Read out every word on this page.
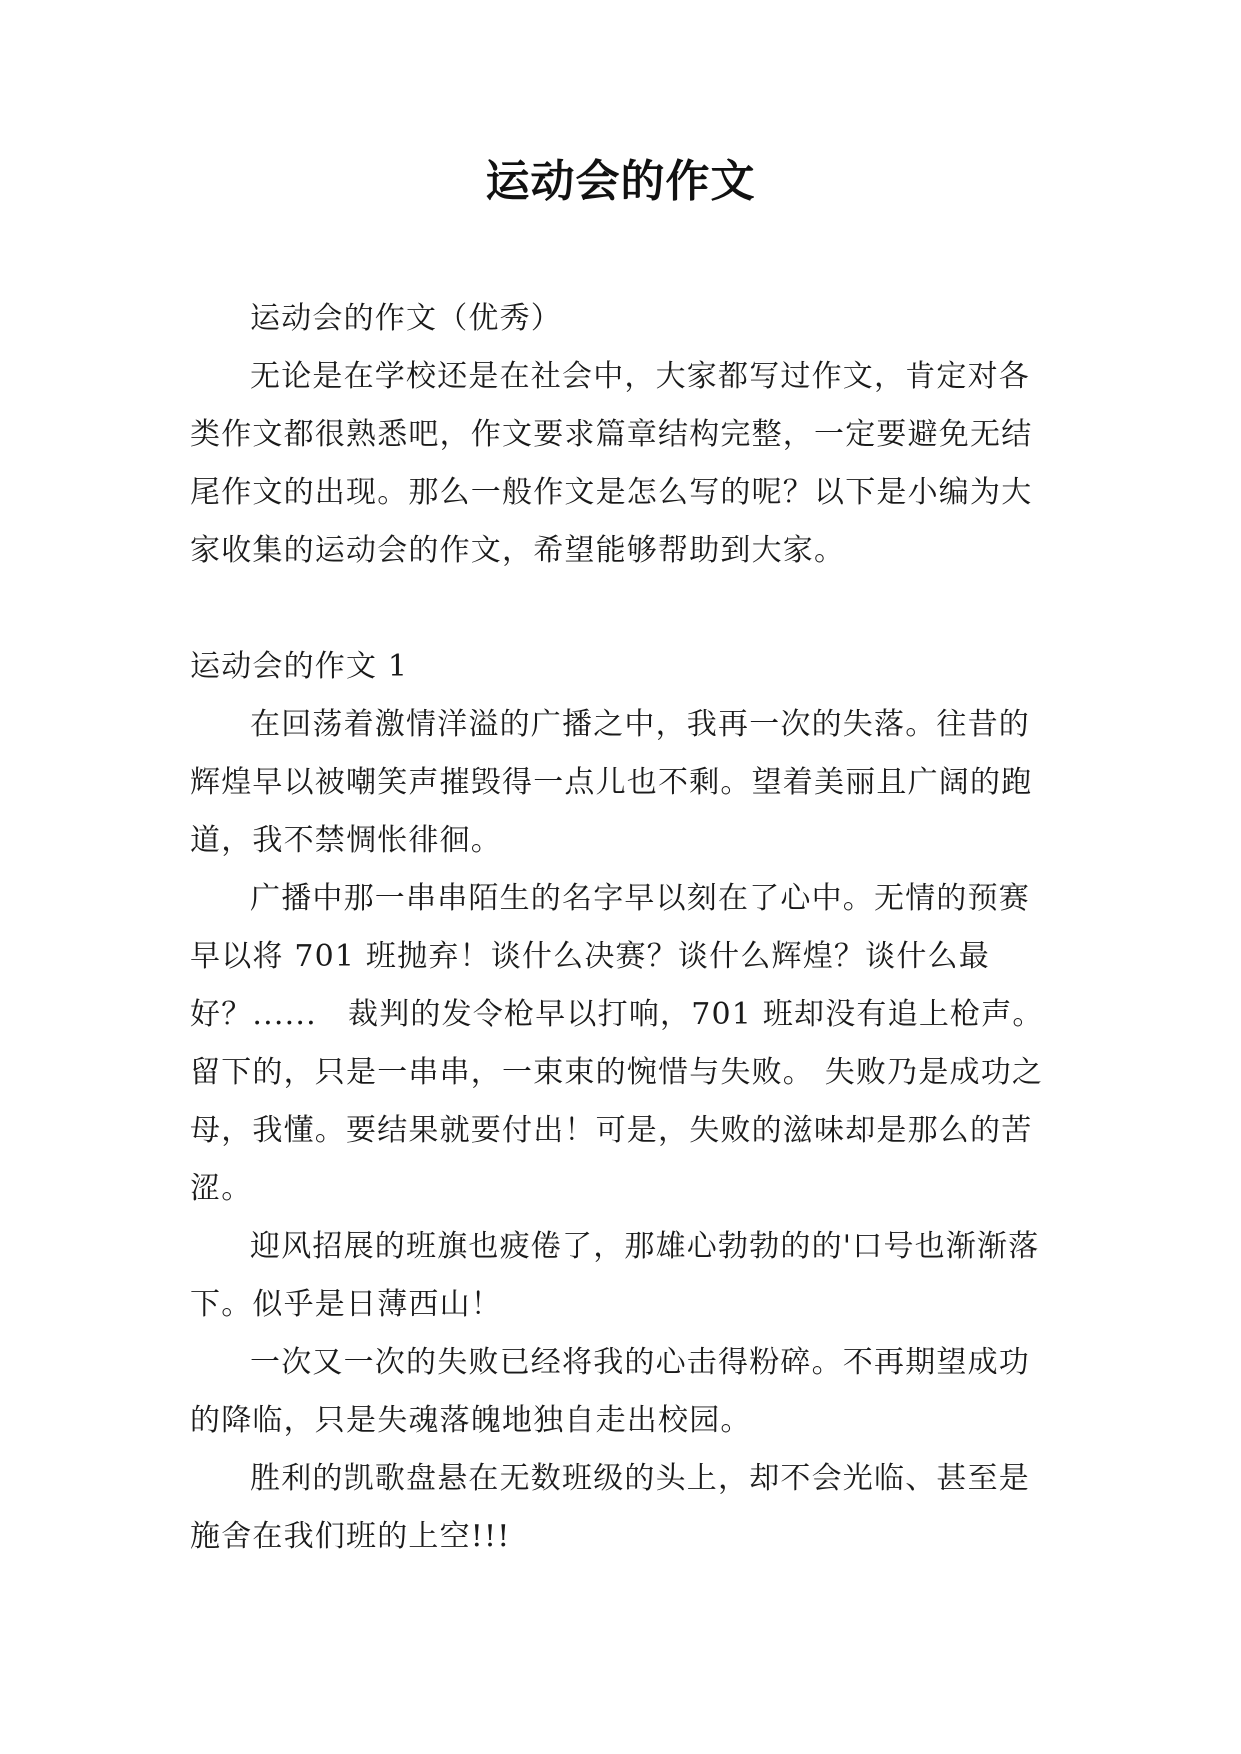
运动会的作文

运动会的作文（优秀）

无论是在学校还是在社会中，大家都写过作文，肯定对各类作文都很熟悉吧，作文要求篇章结构完整，一定要避免无结尾作文的出现。那么一般作文是怎么写的呢？以下是小编为大家收集的运动会的作文，希望能够帮助到大家。

运动会的作文 1

在回荡着激情洋溢的广播之中，我再一次的失落。往昔的辉煌早以被嘲笑声摧毁得一点儿也不剩。望着美丽且广阔的跑道，我不禁惆怅徘徊。

广播中那一串串陌生的名字早以刻在了心中。无情的预赛早以将 701 班抛弃！谈什么决赛？谈什么辉煌？谈什么最好？......　裁判的发令枪早以打响，701 班却没有追上枪声。留下的，只是一串串，一束束的惋惜与失败。 失败乃是成功之母，我懂。要结果就要付出！可是，失败的滋味却是那么的苦涩。

迎风招展的班旗也疲倦了，那雄心勃勃的的'口号也渐渐落下。似乎是日薄西山！

一次又一次的失败已经将我的心击得粉碎。不再期望成功的降临，只是失魂落魄地独自走出校园。

胜利的凯歌盘悬在无数班级的头上，却不会光临、甚至是施舍在我们班的上空!!!
